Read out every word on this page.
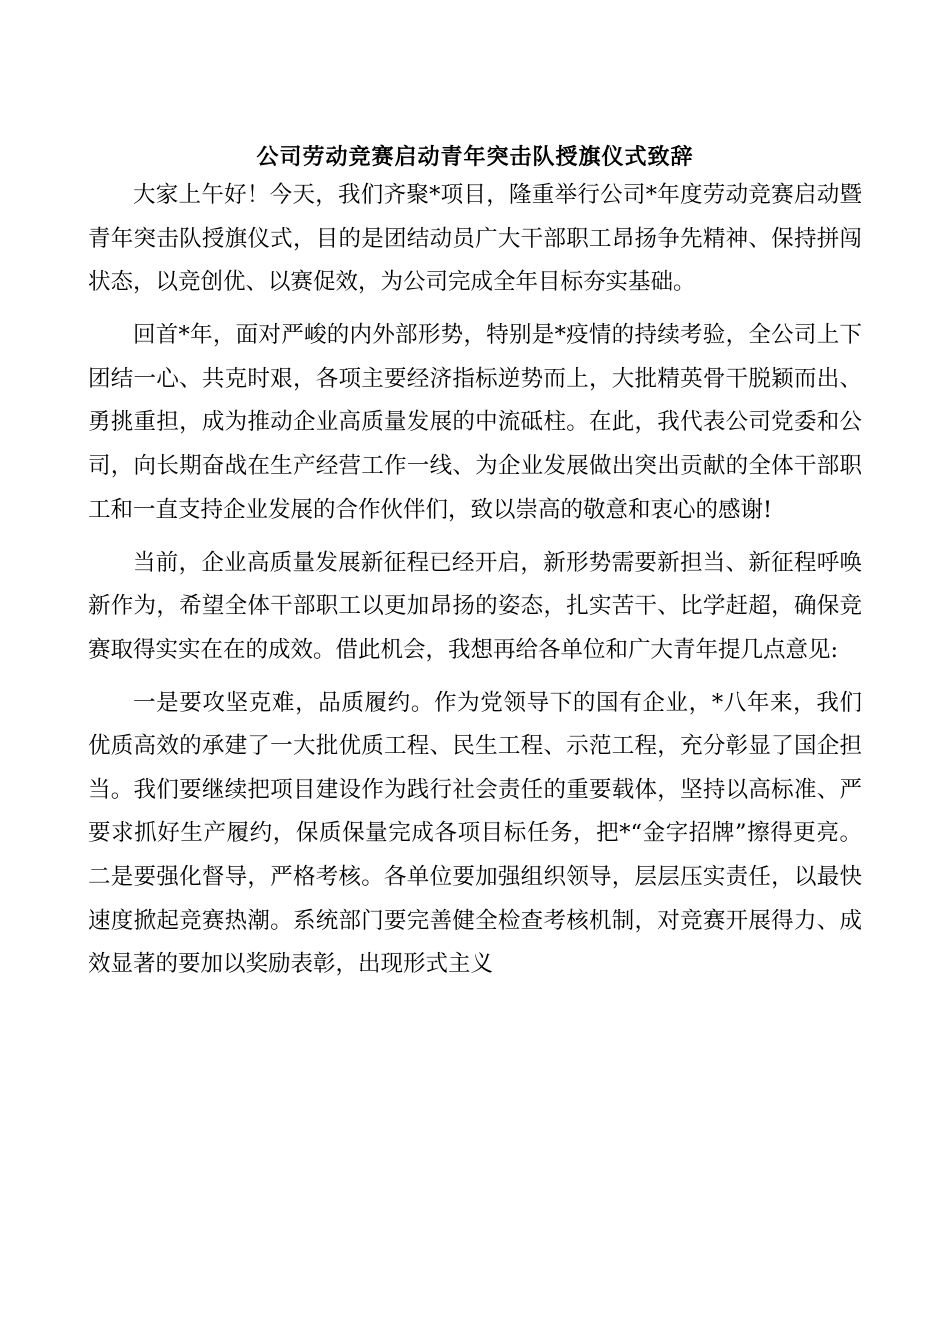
公司劳动竞赛启动青年突击队授旗仪式致辞

大家上午好！今天，我们齐聚*项目，隆重举行公司*年度劳动竞赛启动暨青年突击队授旗仪式，目的是团结动员广大干部职工昂扬争先精神、保持拼闯状态，以竞创优、以赛促效，为公司完成全年目标夯实基础。

回首*年，面对严峻的内外部形势，特别是*疫情的持续考验，全公司上下团结一心、共克时艰，各项主要经济指标逆势而上，大批精英骨干脱颖而出、勇挑重担，成为推动企业高质量发展的中流砥柱。在此，我代表公司党委和公司，向长期奋战在生产经营工作一线、为企业发展做出突出贡献的全体干部职工和一直支持企业发展的合作伙伴们，致以崇高的敬意和衷心的感谢!

当前，企业高质量发展新征程已经开启，新形势需要新担当、新征程呼唤新作为，希望全体干部职工以更加昂扬的姿态，扎实苦干、比学赶超，确保竞赛取得实实在在的成效。借此机会，我想再给各单位和广大青年提几点意见:

一是要攻坚克难，品质履约。作为党领导下的国有企业，*八年来，我们优质高效的承建了一大批优质工程、民生工程、示范工程，充分彰显了国企担当。我们要继续把项目建设作为践行社会责任的重要载体，坚持以高标准、严要求抓好生产履约，保质保量完成各项目标任务，把*“金字招牌”擦得更亮。二是要强化督导，严格考核。各单位要加强组织领导，层层压实责任，以最快速度掀起竞赛热潮。系统部门要完善健全检查考核机制，对竞赛开展得力、成效显著的要加以奖励表彰，出现形式主义
